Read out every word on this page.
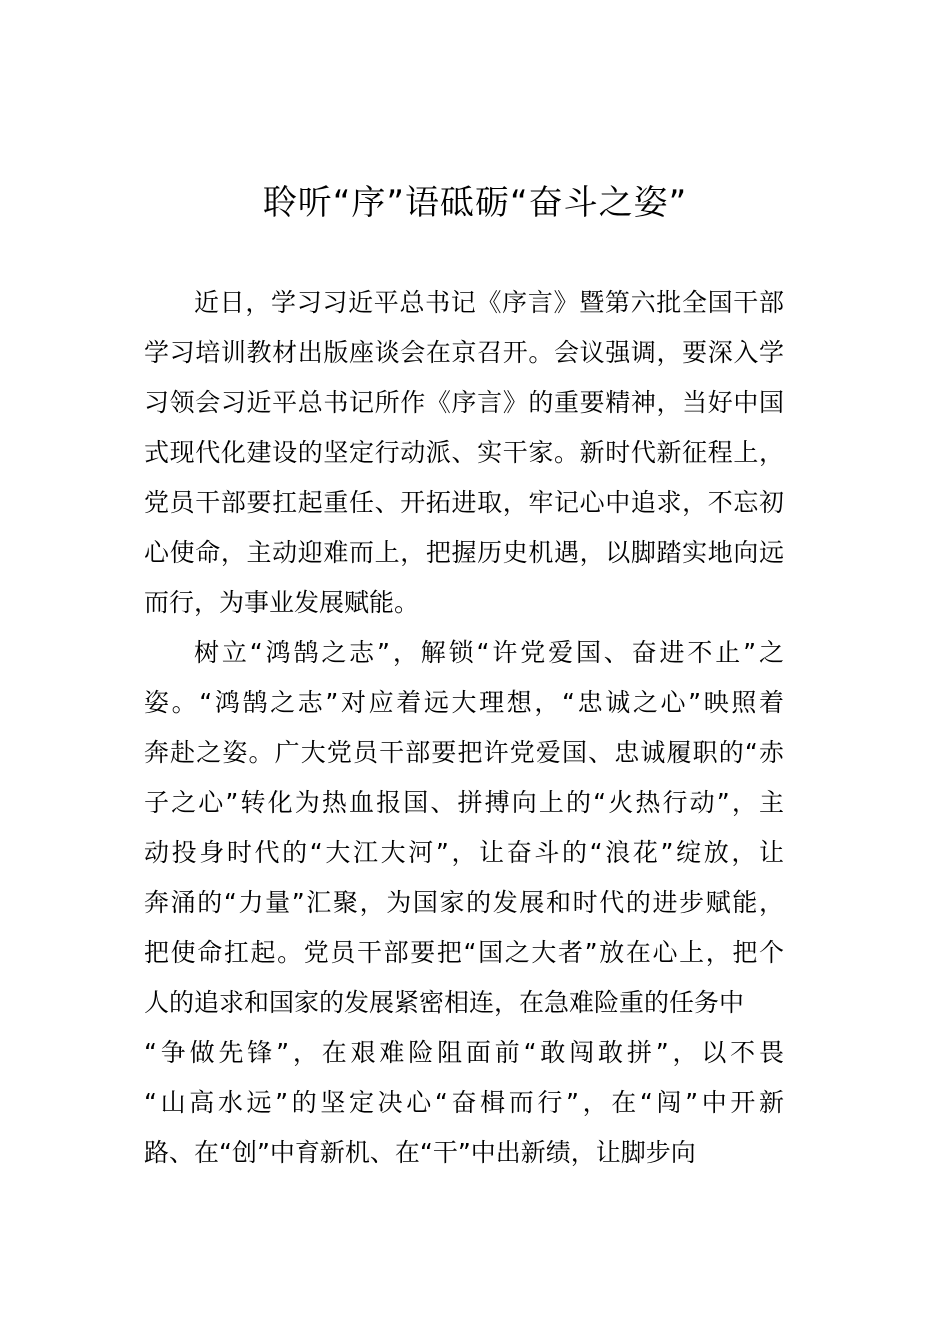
聆听“序”语砥砺“奋斗之姿”
近日，学习习近平总书记《序言》暨第六批全国干部
学习培训教材出版座谈会在京召开。会议强调，要深入学
习领会习近平总书记所作《序言》的重要精神，当好中国
式现代化建设的坚定行动派、实干家。新时代新征程上，
党员干部要扛起重任、开拓进取，牢记心中追求，不忘初
心使命，主动迎难而上，把握历史机遇，以脚踏实地向远
而行，为事业发展赋能。
树立“鸿鹄之志”，解锁“许党爱国、奋进不止”之
姿。“鸿鹄之志”对应着远大理想，“忠诚之心”映照着
奔赴之姿。广大党员干部要把许党爱国、忠诚履职的“赤
子之心”转化为热血报国、拼搏向上的“火热行动”，主
动投身时代的“大江大河”，让奋斗的“浪花”绽放，让
奔涌的“力量”汇聚，为国家的发展和时代的进步赋能，
把使命扛起。党员干部要把“国之大者”放在心上，把个
人的追求和国家的发展紧密相连，在急难险重的任务中
“争做先锋”，在艰难险阻面前“敢闯敢拼”，以不畏
“山高水远”的坚定决心“奋楫而行”，在“闯”中开新
路、在“创”中育新机、在“干”中出新绩，让脚步向
